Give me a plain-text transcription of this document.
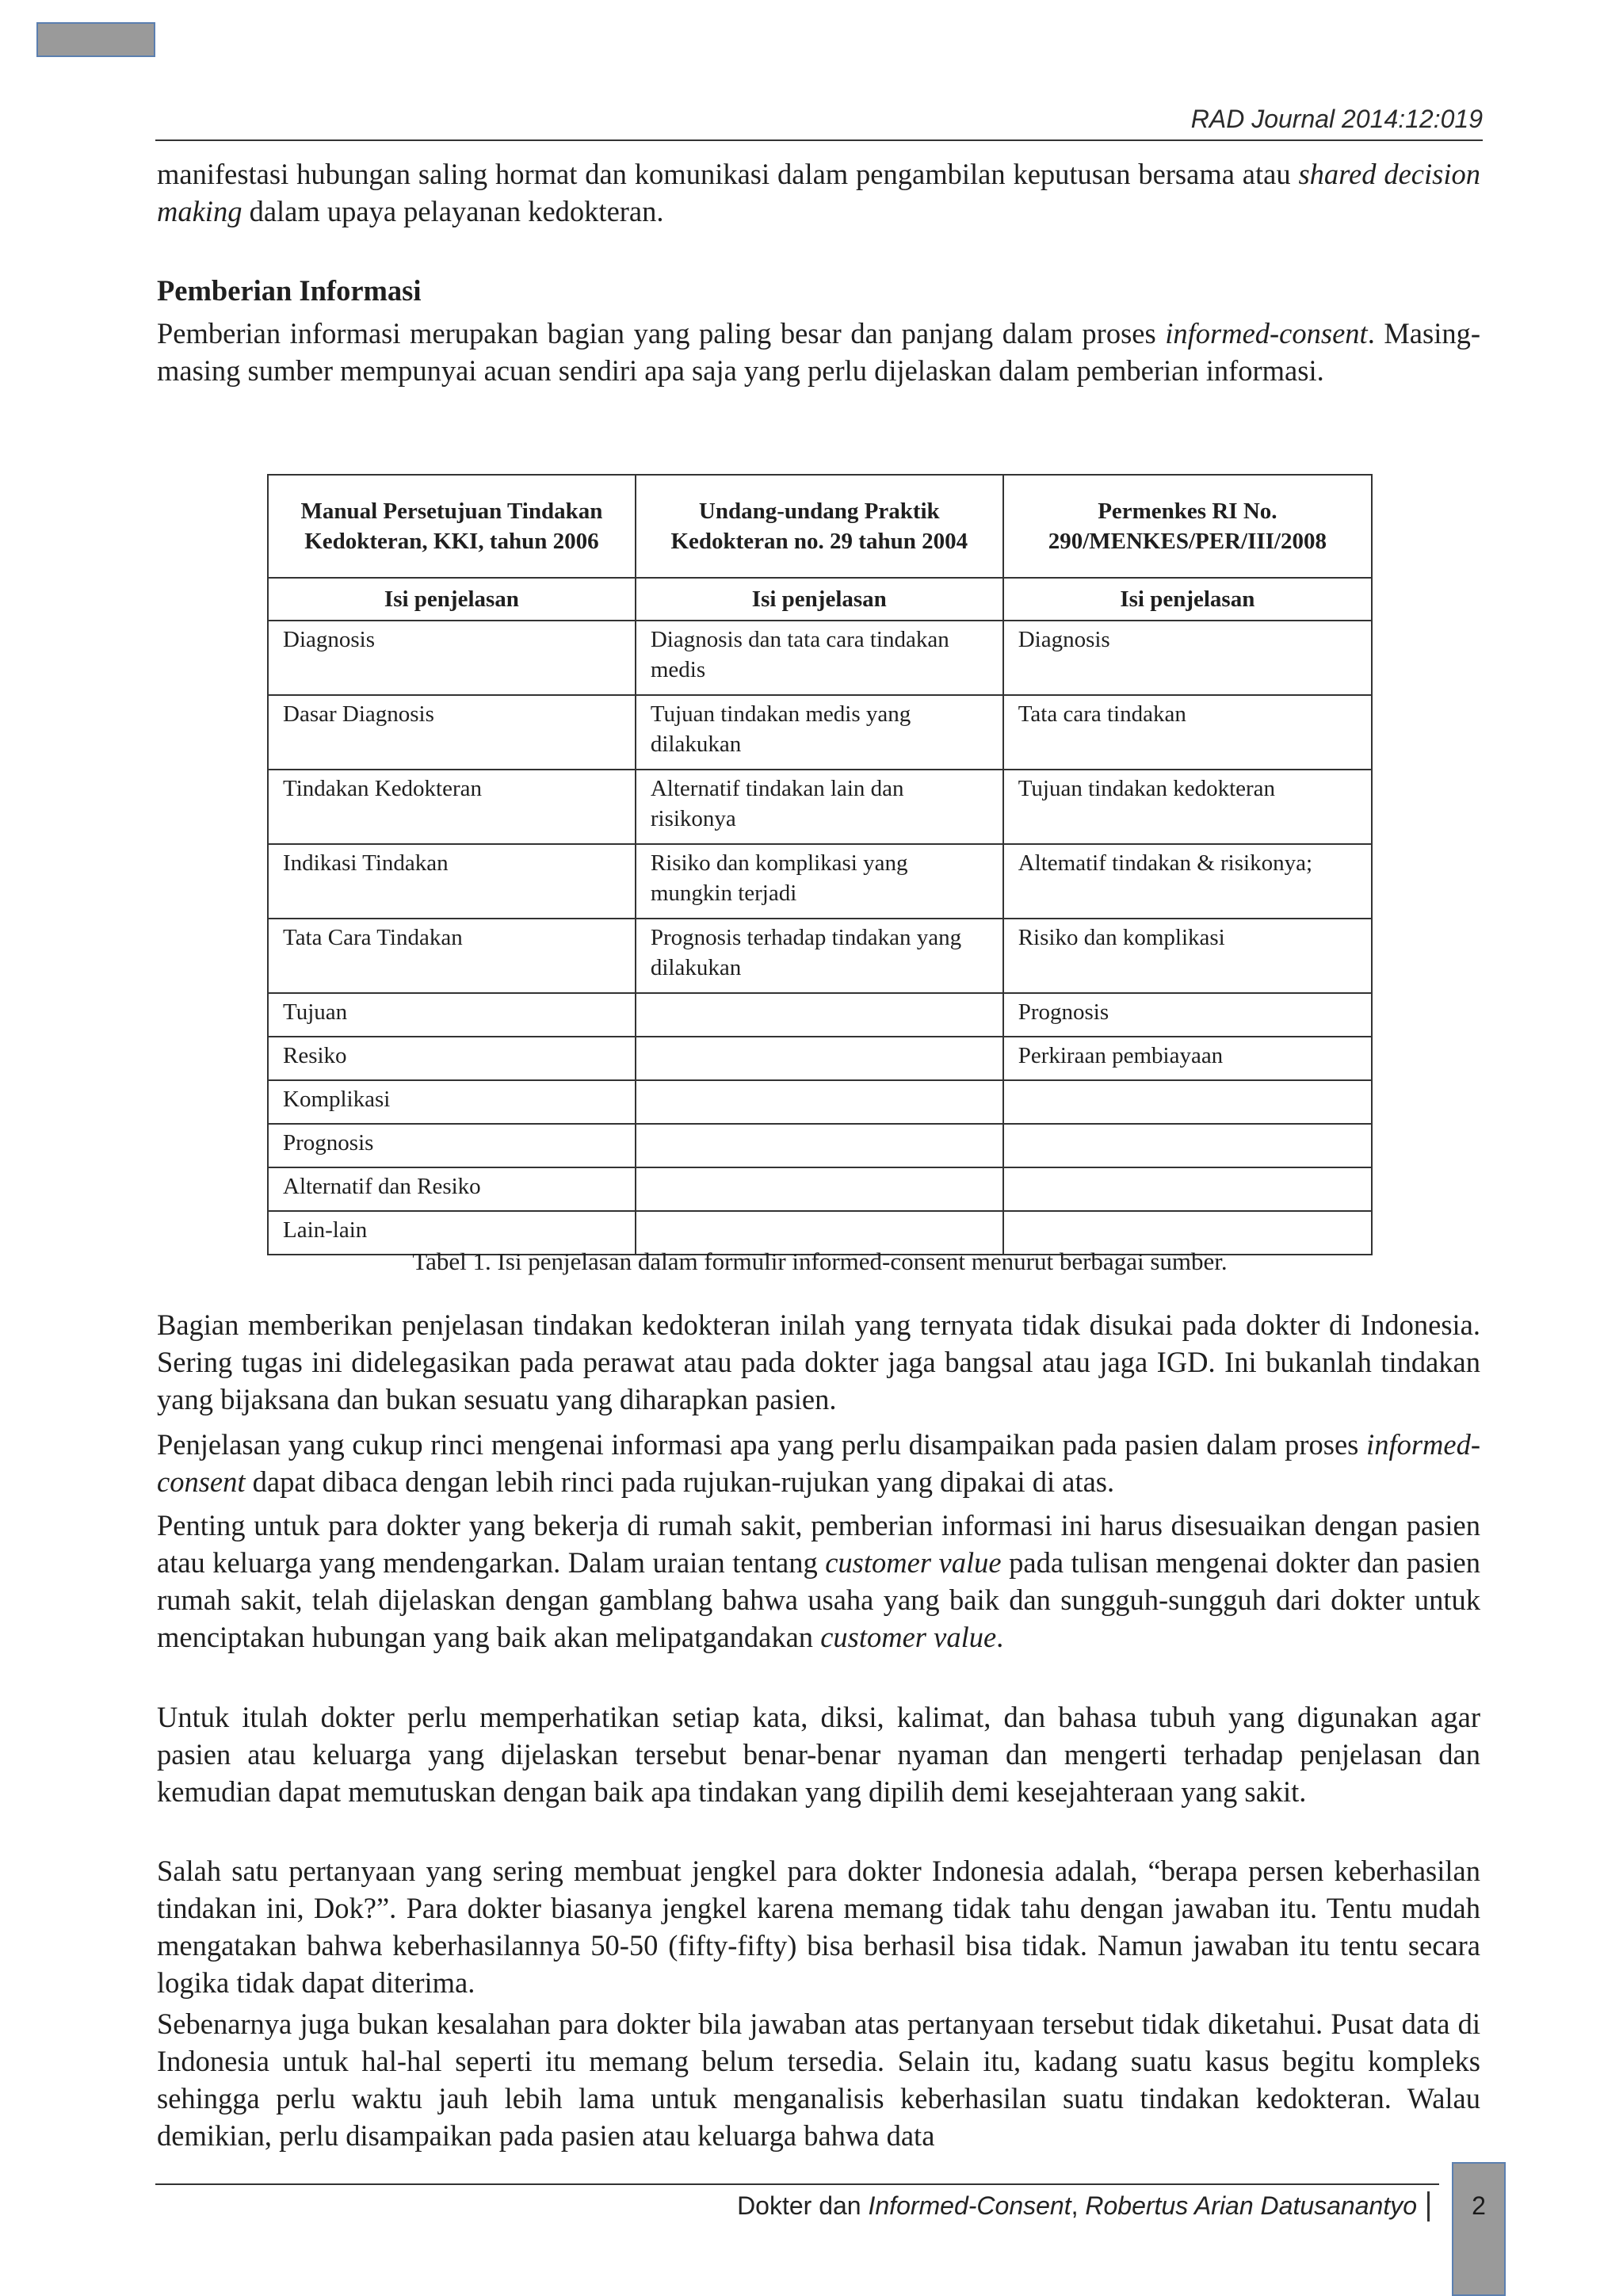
RAD Journal 2014:12:019

manifestasi hubungan saling hormat dan komunikasi dalam pengambilan keputusan bersama atau shared decision making dalam upaya pelayanan kedokteran.

Pemberian Informasi

Pemberian informasi merupakan bagian yang paling besar dan panjang dalam proses informed-consent. Masing-masing sumber mempunyai acuan sendiri apa saja yang perlu dijelaskan dalam pemberian informasi.

Manual Persetujuan Tindakan Kedokteran, KKI, tahun 2006	Undang-undang Praktik Kedokteran no. 29 tahun 2004	Permenkes RI No. 290/MENKES/PER/III/2008
Isi penjelasan	Isi penjelasan	Isi penjelasan
Diagnosis	Diagnosis dan tata cara tindakan medis	Diagnosis
Dasar Diagnosis	Tujuan tindakan medis yang dilakukan	Tata cara tindakan
Tindakan Kedokteran	Alternatif tindakan lain dan risikonya	Tujuan tindakan kedokteran
Indikasi Tindakan	Risiko dan komplikasi yang mungkin terjadi	Altematif tindakan & risikonya;
Tata Cara Tindakan	Prognosis terhadap tindakan yang dilakukan	Risiko dan komplikasi
Tujuan		Prognosis
Resiko		Perkiraan pembiayaan
Komplikasi		
Prognosis		
Alternatif dan Resiko		
Lain-lain		
Tabel 1. Isi penjelasan dalam formulir informed-consent menurut berbagai sumber.

Bagian memberikan penjelasan tindakan kedokteran inilah yang ternyata tidak disukai pada dokter di Indonesia. Sering tugas ini didelegasikan pada perawat atau pada dokter jaga bangsal atau jaga IGD. Ini bukanlah tindakan yang bijaksana dan bukan sesuatu yang diharapkan pasien.

Penjelasan yang cukup rinci mengenai informasi apa yang perlu disampaikan pada pasien dalam proses informed-consent dapat dibaca dengan lebih rinci pada rujukan-rujukan yang dipakai di atas.

Penting untuk para dokter yang bekerja di rumah sakit, pemberian informasi ini harus disesuaikan dengan pasien atau keluarga yang mendengarkan. Dalam uraian tentang customer value pada tulisan mengenai dokter dan pasien rumah sakit, telah dijelaskan dengan gamblang bahwa usaha yang baik dan sungguh-sungguh dari dokter untuk menciptakan hubungan yang baik akan melipatgandakan customer value.

Untuk itulah dokter perlu memperhatikan setiap kata, diksi, kalimat, dan bahasa tubuh yang digunakan agar pasien atau keluarga yang dijelaskan tersebut benar-benar nyaman dan mengerti terhadap penjelasan dan kemudian dapat memutuskan dengan baik apa tindakan yang dipilih demi kesejahteraan yang sakit.

Salah satu pertanyaan yang sering membuat jengkel para dokter Indonesia adalah, “berapa persen keberhasilan tindakan ini, Dok?”. Para dokter biasanya jengkel karena memang tidak tahu dengan jawaban itu. Tentu mudah mengatakan bahwa keberhasilannya 50-50 (fifty-fifty) bisa berhasil bisa tidak. Namun jawaban itu tentu secara logika tidak dapat diterima.

Sebenarnya juga bukan kesalahan para dokter bila jawaban atas pertanyaan tersebut tidak diketahui. Pusat data di Indonesia untuk hal-hal seperti itu memang belum tersedia. Selain itu, kadang suatu kasus begitu kompleks sehingga perlu waktu jauh lebih lama untuk menganalisis keberhasilan suatu tindakan kedokteran. Walau demikian, perlu disampaikan pada pasien atau keluarga bahwa data

Dokter dan Informed-Consent, Robertus Arian Datusanantyo	2
